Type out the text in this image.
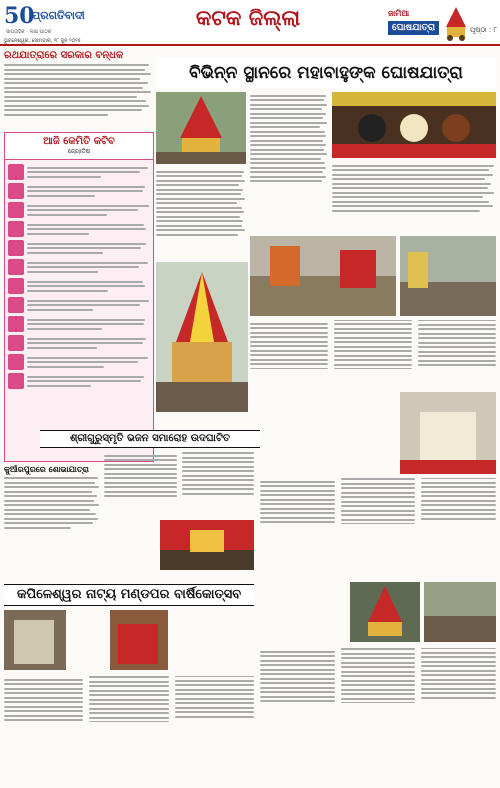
50
ପ୍ରଗତିବାଦୀ
ସାପ୍ତାହିକ · ଲକ୍ଷ ପାଠକ
ଭୁବନେଶ୍ୱର, ସୋମବାର, ୨୮ ଜୁନ ୨୦୨୫
କଟକ ଜିଲ୍ଲା	ଜାମିଆ
ଘୋଷଯାତ୍ରା	ପୃଷ୍ଠା : ୮
ରଥଯାତ୍ରାରେ ସରକାର ବନ୍ଧକ
ବିଭିନ୍ନ ସ୍ଥାନରେ ମହାବାହୁଙ୍କ ଘୋଷଯାତ୍ରା
ଆଜି କେମିତି କଟିବ
ଜ୍ୟୋତିଷ
ଶ୍ରୀଗୁରୁସ୍ମୃତି ଭଜନ ସମାରୋହ ଉଦଘାଟିତ
କୁଆଁରପୁରରେ ଶୋଭାଯାତ୍ରା
କପିଳେଶ୍ୱର ନାଟ୍ୟ ମଣ୍ଡପର ବାର୍ଷିକୋତ୍ସବ
